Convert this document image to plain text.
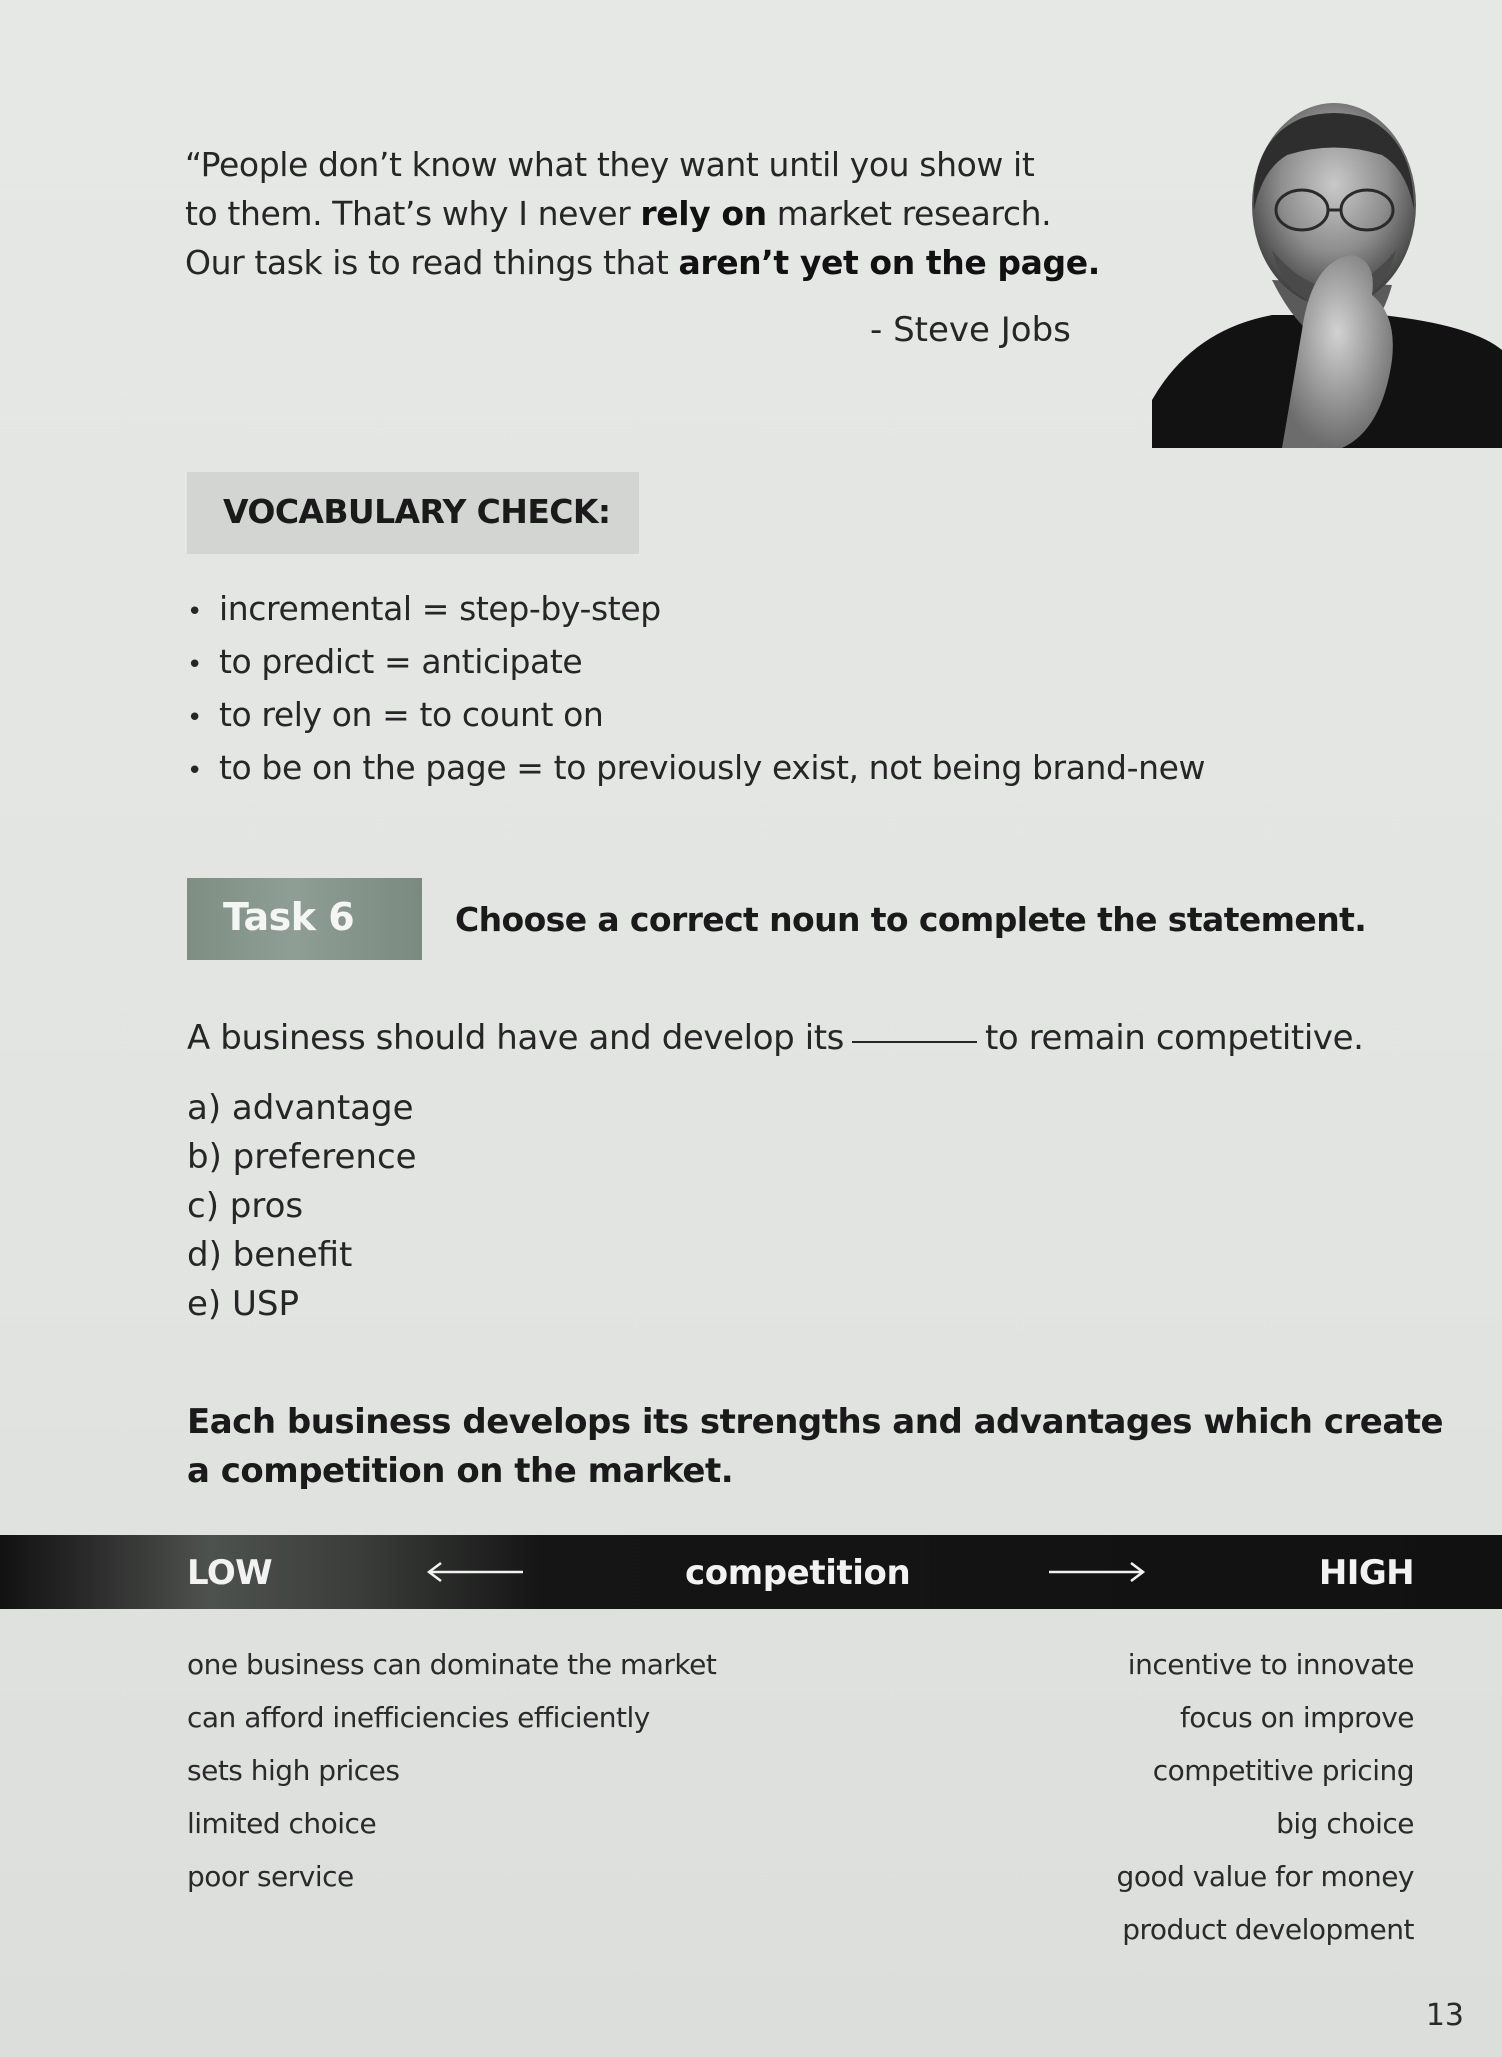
“People don’t know what they want until you show it
to them. That’s why I never rely on market research.
Our task is to read things that aren’t yet on the page.
- Steve Jobs
VOCABULARY CHECK:
• incremental = step-by-step
• to predict = anticipate
• to rely on = to count on
• to be on the page = to previously exist, not being brand-new
Task 6	Choose a correct noun to complete the statement.
A business should have and develop its	to remain competitive.
a) advantage
b) preference
c) pros
d) benefit
e) USP
Each business develops its strengths and advantages which create
a competition on the market.
LOW	competition	HIGH
one business can dominate the market
can afford inefficiencies efficiently
sets high prices
limited choice
poor service
incentive to innovate
focus on improve
competitive pricing
big choice
good value for money
product development
13
